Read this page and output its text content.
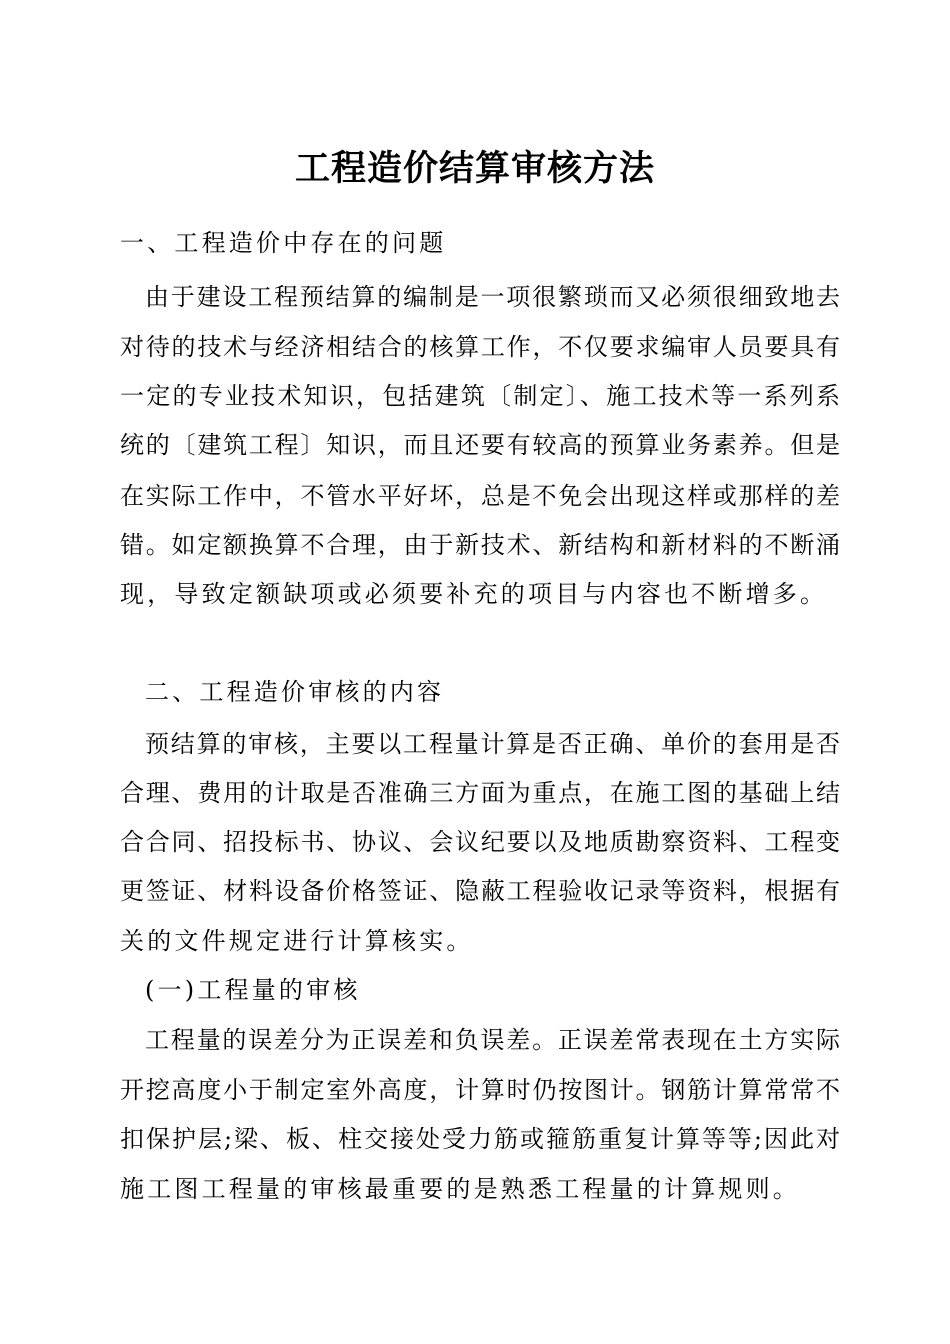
工程造价结算审核方法

一、工程造价中存在的问题

由于建设工程预结算的编制是一项很繁琐而又必须很细致地去

对待的技术与经济相结合的核算工作，不仅要求编审人员要具有

一定的专业技术知识，包括建筑〔制定〕、施工技术等一系列系

统的〔建筑工程〕知识，而且还要有较高的预算业务素养。但是

在实际工作中，不管水平好坏，总是不免会出现这样或那样的差

错。如定额换算不合理，由于新技术、新结构和新材料的不断涌

现，导致定额缺项或必须要补充的项目与内容也不断增多。

二、工程造价审核的内容

预结算的审核，主要以工程量计算是否正确、单价的套用是否

合理、费用的计取是否准确三方面为重点，在施工图的基础上结

合合同、招投标书、协议、会议纪要以及地质勘察资料、工程变

更签证、材料设备价格签证、隐蔽工程验收记录等资料，根据有

关的文件规定进行计算核实。

(一)工程量的审核

工程量的误差分为正误差和负误差。正误差常表现在土方实际

开挖高度小于制定室外高度，计算时仍按图计。钢筋计算常常不

扣保护层;梁、板、柱交接处受力筋或箍筋重复计算等等;因此对

施工图工程量的审核最重要的是熟悉工程量的计算规则。
